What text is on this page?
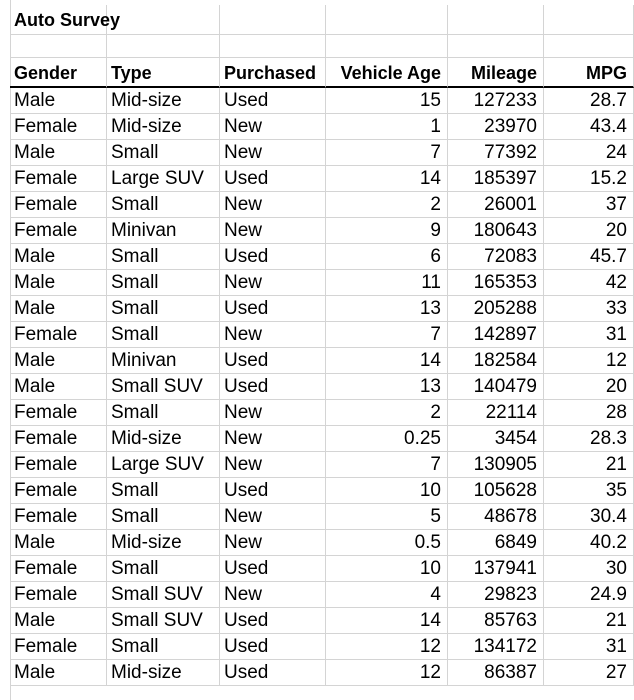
Auto Survey
Gender	Type	Purchased	Vehicle Age	Mileage	MPG
Male	Mid-size	Used	15	127233	28.7
Female	Mid-size	New	1	23970	43.4
Male	Small	New	7	77392	24
Female	Large SUV	Used	14	185397	15.2
Female	Small	New	2	26001	37
Female	Minivan	New	9	180643	20
Male	Small	Used	6	72083	45.7
Male	Small	New	11	165353	42
Male	Small	Used	13	205288	33
Female	Small	New	7	142897	31
Male	Minivan	Used	14	182584	12
Male	Small SUV	Used	13	140479	20
Female	Small	New	2	22114	28
Female	Mid-size	New	0.25	3454	28.3
Female	Large SUV	New	7	130905	21
Female	Small	Used	10	105628	35
Female	Small	New	5	48678	30.4
Male	Mid-size	New	0.5	6849	40.2
Female	Small	Used	10	137941	30
Female	Small SUV	New	4	29823	24.9
Male	Small SUV	Used	14	85763	21
Female	Small	Used	12	134172	31
Male	Mid-size	Used	12	86387	27
